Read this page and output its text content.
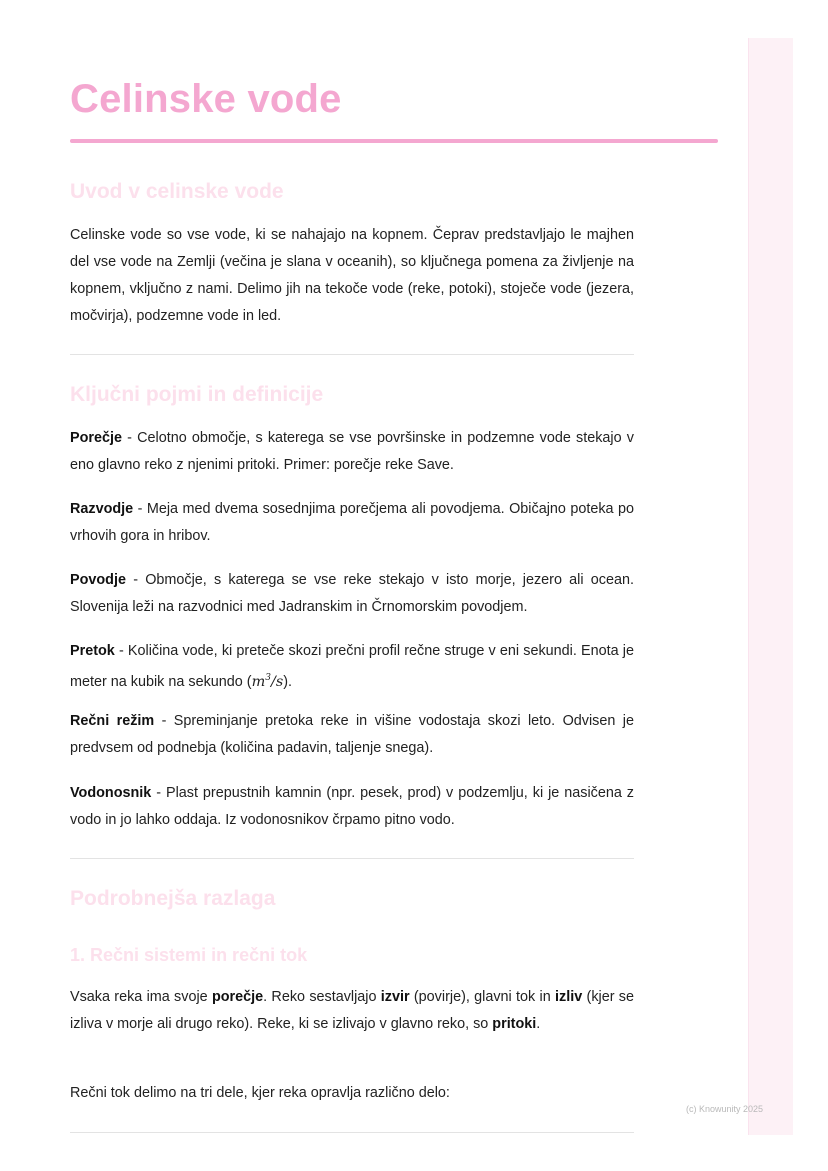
Celinske vode
Uvod v celinske vode

Celinske vode so vse vode, ki se nahajajo na kopnem. Čeprav predstavljajo le majhen del vse vode na Zemlji (večina je slana v oceanih), so ključnega pomena za življenje na kopnem, vključno z nami. Delimo jih na tekoče vode (reke, potoki), stoječe vode (jezera, močvirja), podzemne vode in led.

Ključni pojmi in definicije

Porečje - Celotno območje, s katerega se vse površinske in podzemne vode stekajo v eno glavno reko z njenimi pritoki. Primer: porečje reke Save.

Razvodje - Meja med dvema sosednjima porečjema ali povodjema. Običajno poteka po vrhovih gora in hribov.

Povodje - Območje, s katerega se vse reke stekajo v isto morje, jezero ali ocean. Slovenija leži na razvodnici med Jadranskim in Črnomorskim povodjem.

Pretok - Količina vode, ki preteče skozi prečni profil rečne struge v eni sekundi. Enota je meter na kubik na sekundo $(m^3/s)$.

Rečni režim - Spreminjanje pretoka reke in višine vodostaja skozi leto. Odvisen je predvsem od podnebja (količina padavin, taljenje snega).

Vodonosnik - Plast prepustnih kamnin (npr. pesek, prod) v podzemlju, ki je nasičena z vodo in jo lahko oddaja. Iz vodonosnikov črpamo pitno vodo.

Podrobnejša razlaga
1. Rečni sistemi in rečni tok

Vsaka reka ima svoje porečje. Reko sestavljajo izvir (povirje), glavni tok in izliv (kjer se izliva v morje ali drugo reko). Reke, ki se izlivajo v glavno reko, so pritoki.

Rečni tok delimo na tri dele, kjer reka opravlja različno delo:

(c) Knowunity 2025
